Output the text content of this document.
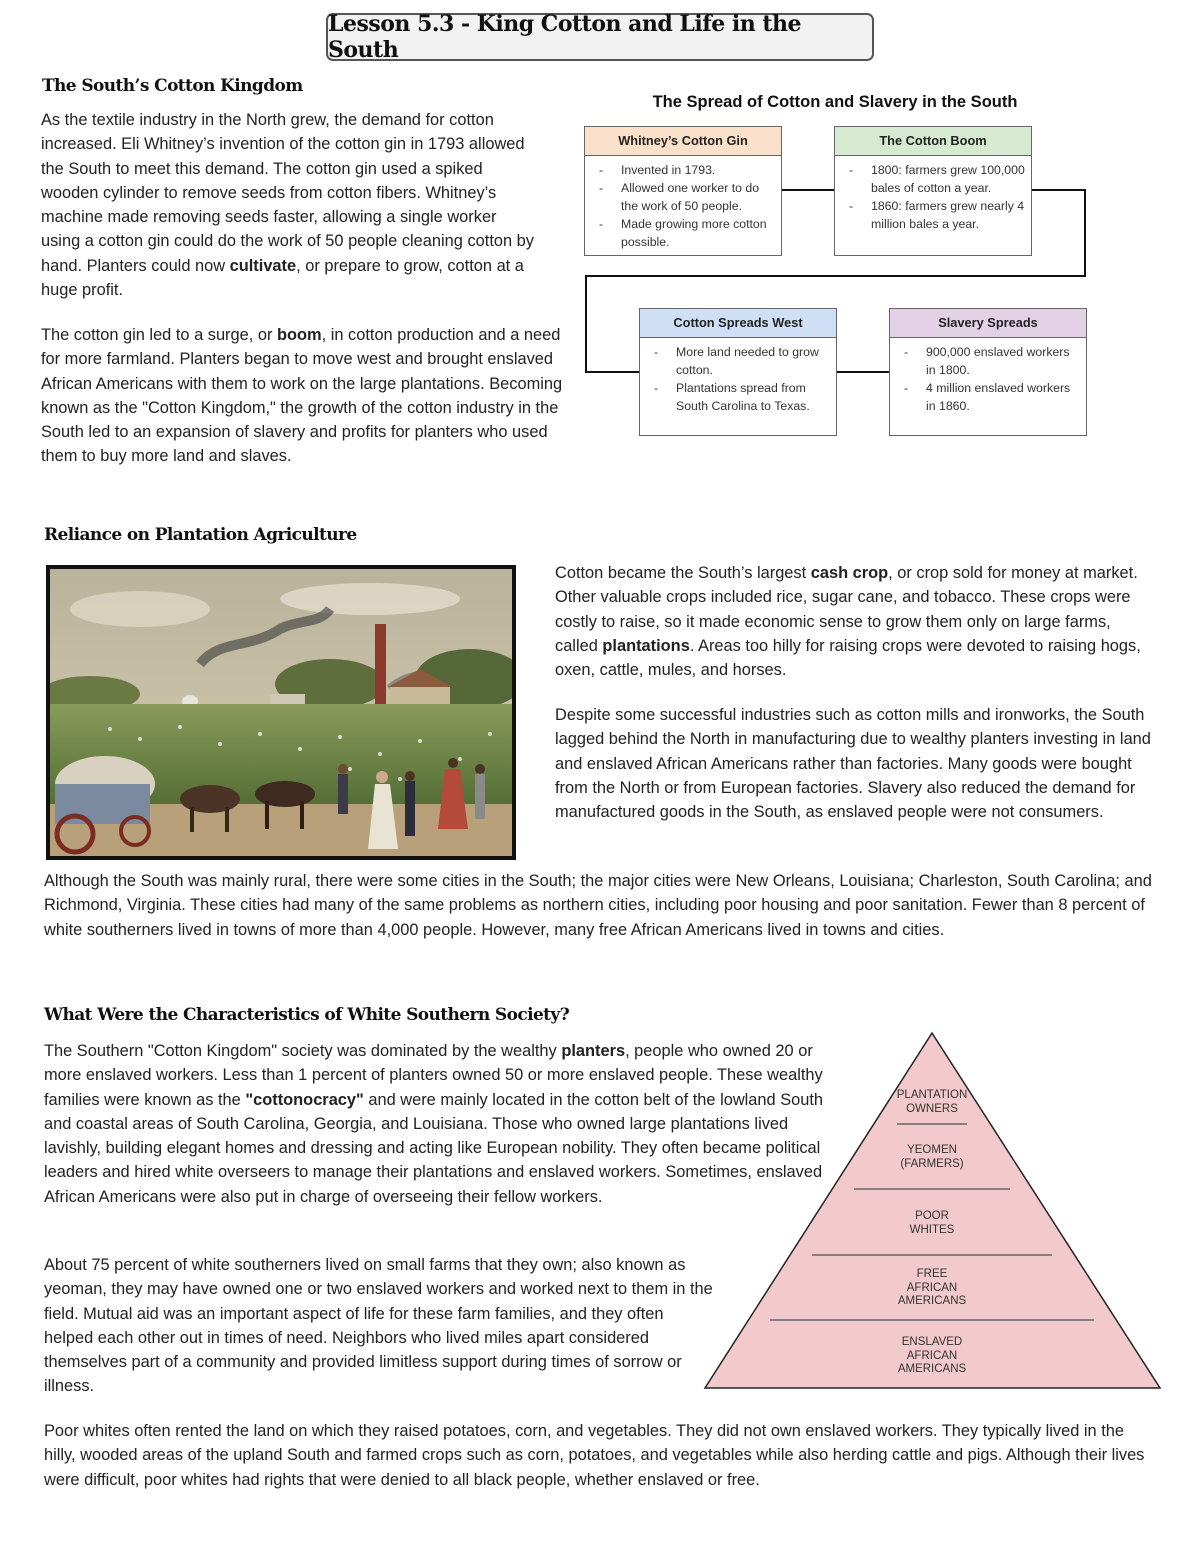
Lesson 5.3 - King Cotton and Life in the South
The South’s Cotton Kingdom

As the textile industry in the North grew, the demand for cotton increased. Eli Whitney’s invention of the cotton gin in 1793 allowed the South to meet this demand. The cotton gin used a spiked wooden cylinder to remove seeds from cotton fibers. Whitney’s machine made removing seeds faster, allowing a single worker using a cotton gin could do the work of 50 people cleaning cotton by hand. Planters could now cultivate, or prepare to grow, cotton at a huge profit.

The cotton gin led to a surge, or boom, in cotton production and a need for more farmland. Planters began to move west and brought enslaved African Americans with them to work on the large plantations. Becoming known as the "Cotton Kingdom," the growth of the cotton industry in the South led to an expansion of slavery and profits for planters who used them to buy more land and slaves.

The Spread of Cotton and Slavery in the South
Whitney’s Cotton Gin
- Invented in 1793.
- Allowed one worker to do the work of 50 people.
- Made growing more cotton possible.
The Cotton Boom
- 1800: farmers grew 100,000 bales of cotton a year.
- 1860: farmers grew nearly 4 million bales a year.
Cotton Spreads West
- More land needed to grow cotton.
- Plantations spread from South Carolina to Texas.
Slavery Spreads
- 900,000 enslaved workers in 1800.
- 4 million enslaved workers in 1860.
Reliance on Plantation Agriculture

Cotton became the South’s largest cash crop, or crop sold for money at market. Other valuable crops included rice, sugar cane, and tobacco. These crops were costly to raise, so it made economic sense to grow them only on large farms, called plantations. Areas too hilly for raising crops were devoted to raising hogs, oxen, cattle, mules, and horses.

Despite some successful industries such as cotton mills and ironworks, the South lagged behind the North in manufacturing due to wealthy planters investing in land and enslaved African Americans rather than factories. Many goods were bought from the North or from European factories. Slavery also reduced the demand for manufactured goods in the South, as enslaved people were not consumers.

Although the South was mainly rural, there were some cities in the South; the major cities were New Orleans, Louisiana; Charleston, South Carolina; and Richmond, Virginia. These cities had many of the same problems as northern cities, including poor housing and poor sanitation. Fewer than 8 percent of white southerners lived in towns of more than 4,000 people. However, many free African Americans lived in towns and cities.

What Were the Characteristics of White Southern Society?

The Southern "Cotton Kingdom" society was dominated by the wealthy planters, people who owned 20 or more enslaved workers. Less than 1 percent of planters owned 50 or more enslaved people. These wealthy families were known as the "cottonocracy" and were mainly located in the cotton belt of the lowland South and coastal areas of South Carolina, Georgia, and Louisiana. Those who owned large plantations lived lavishly, building elegant homes and dressing and acting like European nobility. They often became political leaders and hired white overseers to manage their plantations and enslaved workers. Sometimes, enslaved African Americans were also put in charge of overseeing their fellow workers.

About 75 percent of white southerners lived on small farms that they own; also known as yeoman, they may have owned one or two enslaved workers and worked next to them in the field. Mutual aid was an important aspect of life for these farm families, and they often helped each other out in times of need. Neighbors who lived miles apart considered themselves part of a community and provided limitless support during times of sorrow or illness.

Poor whites often rented the land on which they raised potatoes, corn, and vegetables. They did not own enslaved workers. They typically lived in the hilly, wooded areas of the upland South and farmed crops such as corn, potatoes, and vegetables while also herding cattle and pigs. Although their lives were difficult, poor whites had rights that were denied to all black people, whether enslaved or free.

PLANTATION
OWNERS
YEOMEN
(FARMERS)
POOR
WHITES
FREE
AFRICAN
AMERICANS
ENSLAVED
AFRICAN
AMERICANS
